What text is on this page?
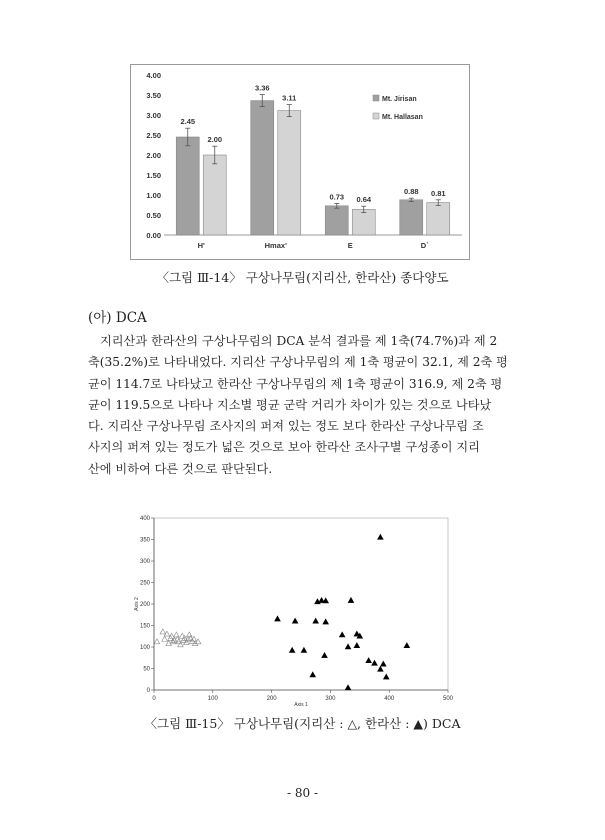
0.00
0.50
1.00
1.50
2.00
2.50
3.00
3.50
4.00
2.45
2.00
H'
3.36
3.11
Hmax'
0.73 0.64
E
0.88 0.81
D`
Mt. Jirisan
Mt. Hallasan
〈그림 Ⅲ-14〉 구상나무림(지리산, 한라산) 종다양도
(아) DCA
지리산과 한라산의 구상나무림의 DCA 분석 결과를 제 1축(74.7%)과 제 2
축(35.2%)로 나타내었다. 지리산 구상나무림의 제 1축 평균이 32.1, 제 2축 평
균이 114.7로 나타났고 한라산 구상나무림의 제 1축 평균이 316.9, 제 2축 평
균이 119.5으로 나타나 지소별 평균 군락 거리가 차이가 있는 것으로 나타났
다. 지리산 구상나무림 조사지의 퍼져 있는 정도 보다 한라산 구상나무림 조
사지의 퍼져 있는 정도가 넓은 것으로 보아 한라산 조사구별 구성종이 지리
산에 비하여 다른 것으로 판단된다.
0
50
100
150
200
250
300
350
400
0	100	200	300	400	500
Axis 1
Axis 2
〈그림 Ⅲ-15〉 구상나무림(지리산 : △, 한라산 : ▲) DCA
- 80 -
